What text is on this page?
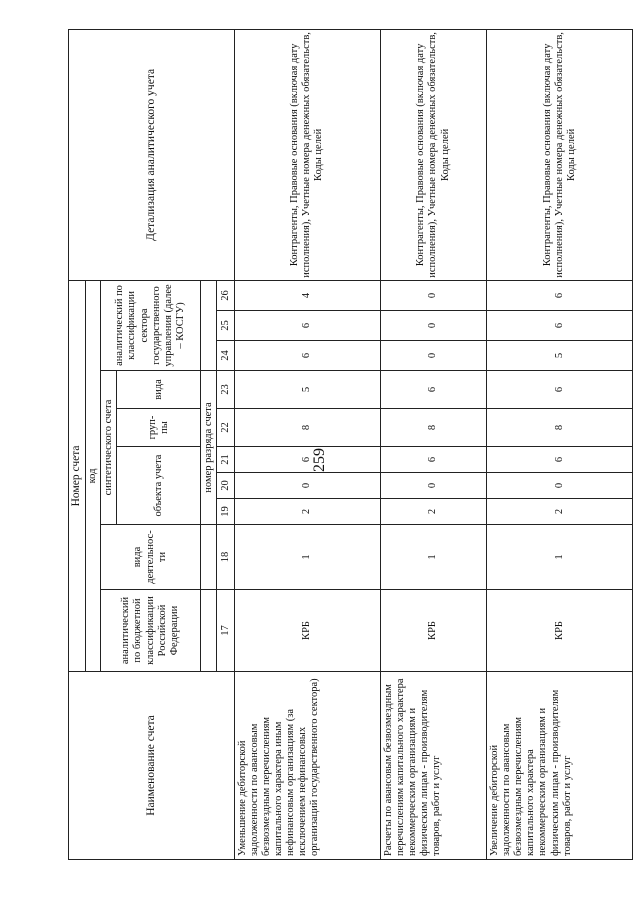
259
Наименование счета	Номер счета										Детализация аналитического учета
	код										
	аналитический по бюджетной классификации Российской Федерации	вида деятельнос-ти	синтетического счета					аналитический по классификации сектора государственного управления (далее – КОСГУ)			
			объекта учета			груп-пы	вида				
			номер разряда счета								
	17	18	19	20	21	22	23	24	25	26	
Уменьшение дебиторской задолженности по авансовым безвозмездным перечислениям капитального характера иным нефинансовым организациям (за исключением нефинансовых организаций государственного сектора)	КРБ	1	2	0	6	8	5	6	6	4	Контрагенты, Правовые основания (включая дату исполнения), Учетные номера денежных обязательств, Коды целей
Расчеты по авансовым безвозмездным перечислениям капитального характера некоммерческим организациям и физическим лицам - производителям товаров, работ и услуг	КРБ	1	2	0	6	8	6	0	0	0	Контрагенты, Правовые основания (включая дату исполнения), Учетные номера денежных обязательств, Коды целей
Увеличение дебиторской задолженности по авансовым безвозмездным перечислениям капитального характера некоммерческим организациям и физическим лицам - производителям товаров, работ и услуг	КРБ	1	2	0	6	8	6	5	6	6	Контрагенты, Правовые основания (включая дату исполнения), Учетные номера денежных обязательств, Коды целей
